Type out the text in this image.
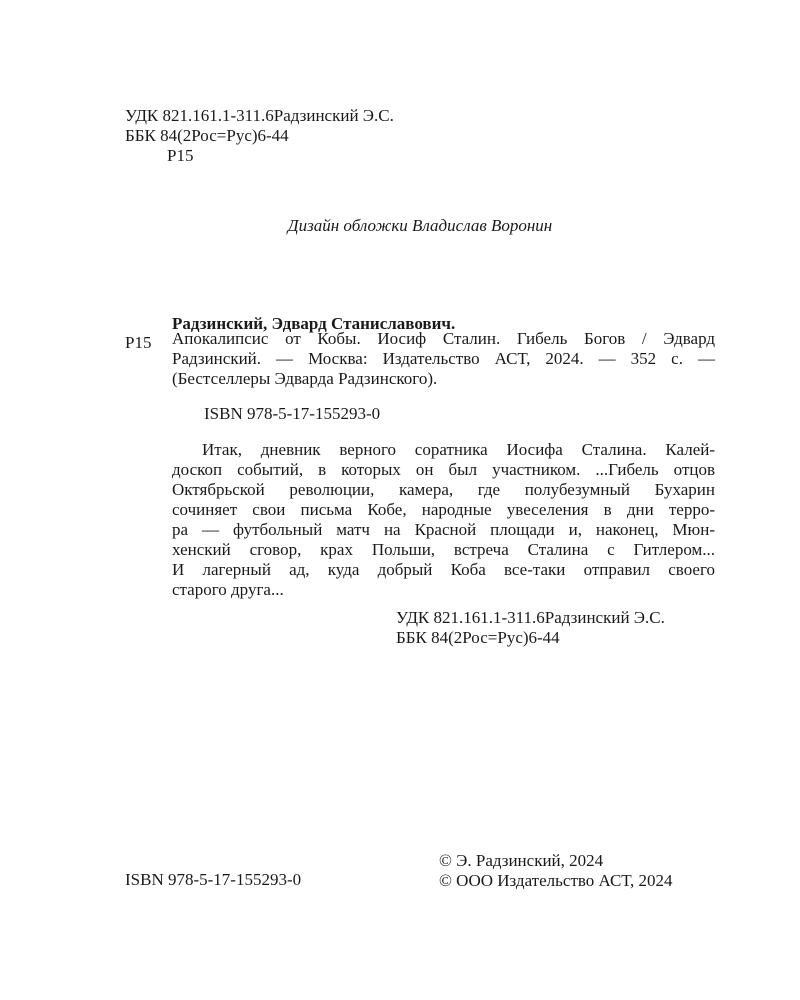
УДК 821.161.1-311.6Радзинский Э.С.
ББК 84(2Рос=Рус)6-44
Р15
Дизайн обложки Владислав Воронин
Радзинский, Эдвард Станиславович.
Р15 Апокалипсис от Кобы. Иосиф Сталин. Гибель Богов / Эдвард
Радзинский. — Москва: Издательство АСТ, 2024. — 352 с. —
(Бестселлеры Эдварда Радзинского).
ISBN 978-5-17-155293-0
Итак, дневник верного соратника Иосифа Сталина. Калей-
доскоп событий, в которых он был участником. ...Гибель отцов
Октябрьской революции, камера, где полубезумный Бухарин
сочиняет свои письма Кобе, народные увеселения в дни терро-
ра — футбольный матч на Красной площади и, наконец, Мюн-
хенский сговор, крах Польши, встреча Сталина с Гитлером...
И лагерный ад, куда добрый Коба все-таки отправил своего
старого друга...
УДК 821.161.1-311.6Радзинский Э.С.
ББК 84(2Рос=Рус)6-44
ISBN 978-5-17-155293-0
© Э. Радзинский, 2024
© ООО Издательство АСТ, 2024
